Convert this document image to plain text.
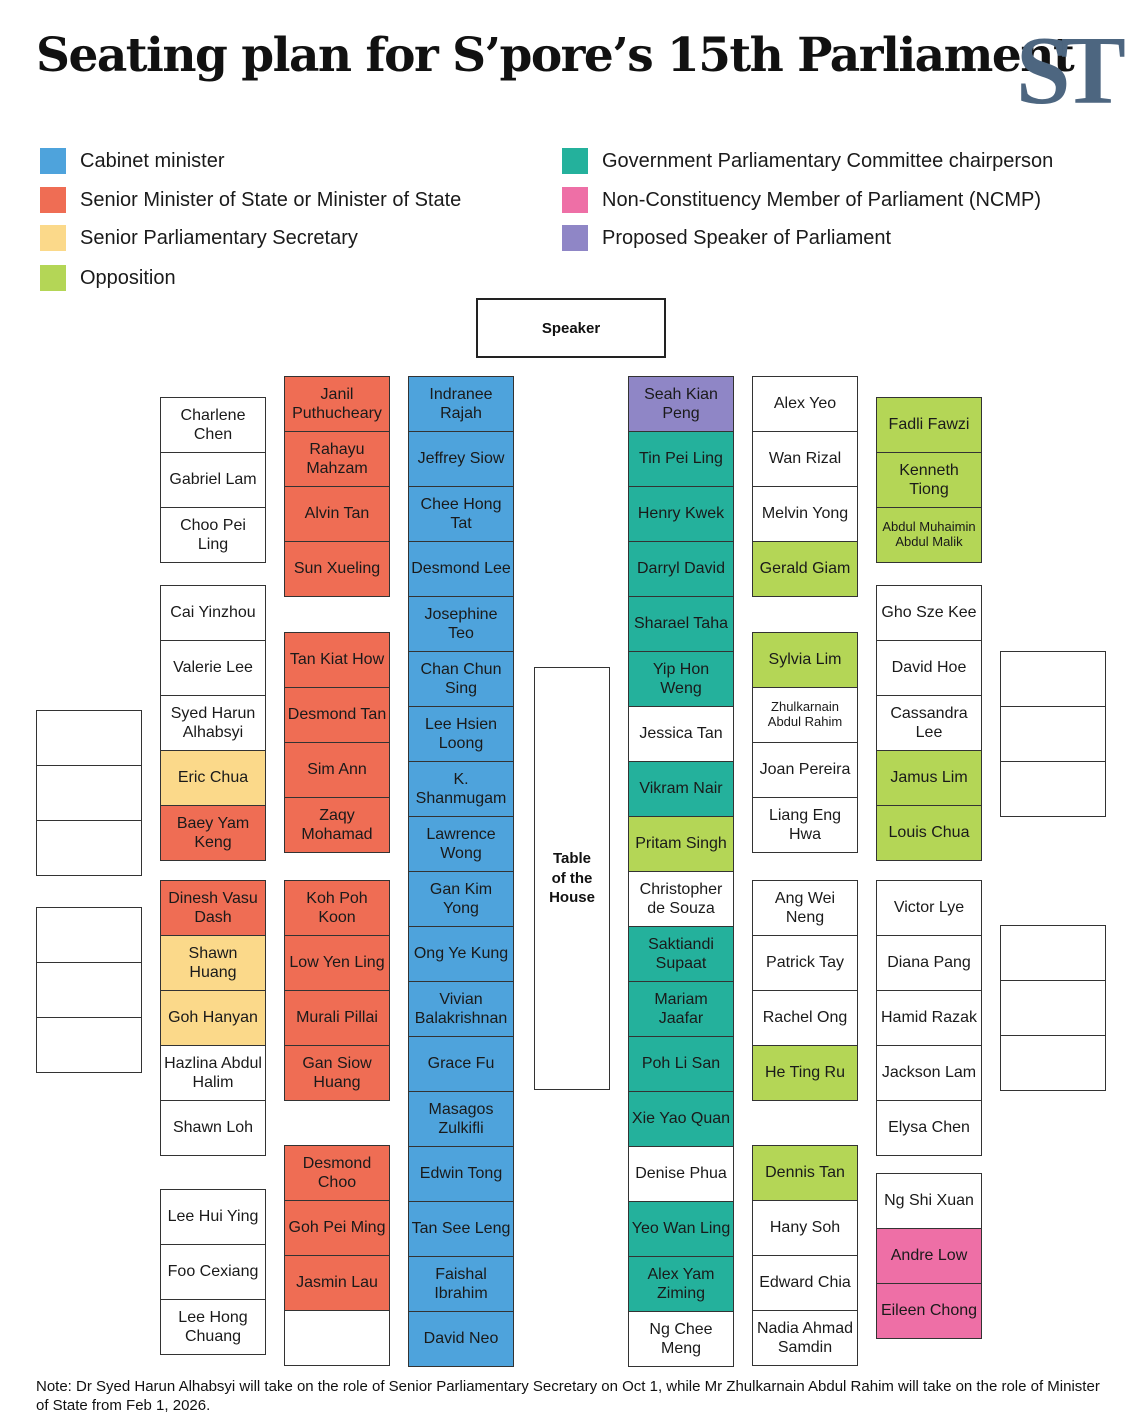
Seating plan for S’pore’s 15th Parliament
ST
Cabinet minister
Senior Minister of State or Minister of State
Senior Parliamentary Secretary
Opposition
Government Parliamentary Committee chairperson
Non-Constituency Member of Parliament (NCMP)
Proposed Speaker of Parliament
Speaker
Table
of the
House
Charlene Chen
Gabriel Lam
Choo Pei Ling
Cai Yinzhou
Valerie Lee
Syed Harun Alhabsyi
Eric Chua
Baey Yam Keng
Dinesh Vasu Dash
Shawn Huang
Goh Hanyan
Hazlina Abdul Halim
Shawn Loh
Lee Hui Ying
Foo Cexiang
Lee Hong Chuang
Janil Puthucheary
Rahayu Mahzam
Alvin Tan
Sun Xueling
Tan Kiat How
Desmond Tan
Sim Ann
Zaqy Mohamad
Koh Poh Koon
Low Yen Ling
Murali Pillai
Gan Siow Huang
Desmond Choo
Goh Pei Ming
Jasmin Lau
Indranee Rajah
Jeffrey Siow
Chee Hong Tat
Desmond Lee
Josephine Teo
Chan Chun Sing
Lee Hsien Loong
K. Shanmugam
Lawrence Wong
Gan Kim Yong
Ong Ye Kung
Vivian Balakrishnan
Grace Fu
Masagos Zulkifli
Edwin Tong
Tan See Leng
Faishal Ibrahim
David Neo
Seah Kian Peng
Tin Pei Ling
Henry Kwek
Darryl David
Sharael Taha
Yip Hon Weng
Jessica Tan
Vikram Nair
Pritam Singh
Christopher de Souza
Saktiandi Supaat
Mariam Jaafar
Poh Li San
Xie Yao Quan
Denise Phua
Yeo Wan Ling
Alex Yam Ziming
Ng Chee Meng
Alex Yeo
Wan Rizal
Melvin Yong
Gerald Giam
Sylvia Lim
Zhulkarnain Abdul Rahim
Joan Pereira
Liang Eng Hwa
Ang Wei Neng
Patrick Tay
Rachel Ong
He Ting Ru
Dennis Tan
Hany Soh
Edward Chia
Nadia Ahmad Samdin
Fadli Fawzi
Kenneth Tiong
Abdul Muhaimin Abdul Malik
Gho Sze Kee
David Hoe
Cassandra Lee
Jamus Lim
Louis Chua
Victor Lye
Diana Pang
Hamid Razak
Jackson Lam
Elysa Chen
Ng Shi Xuan
Andre Low
Eileen Chong
Note: Dr Syed Harun Alhabsyi will take on the role of Senior Parliamentary Secretary on Oct 1, while Mr Zhulkarnain Abdul Rahim will take on the role of Minister of State from Feb 1, 2026.
